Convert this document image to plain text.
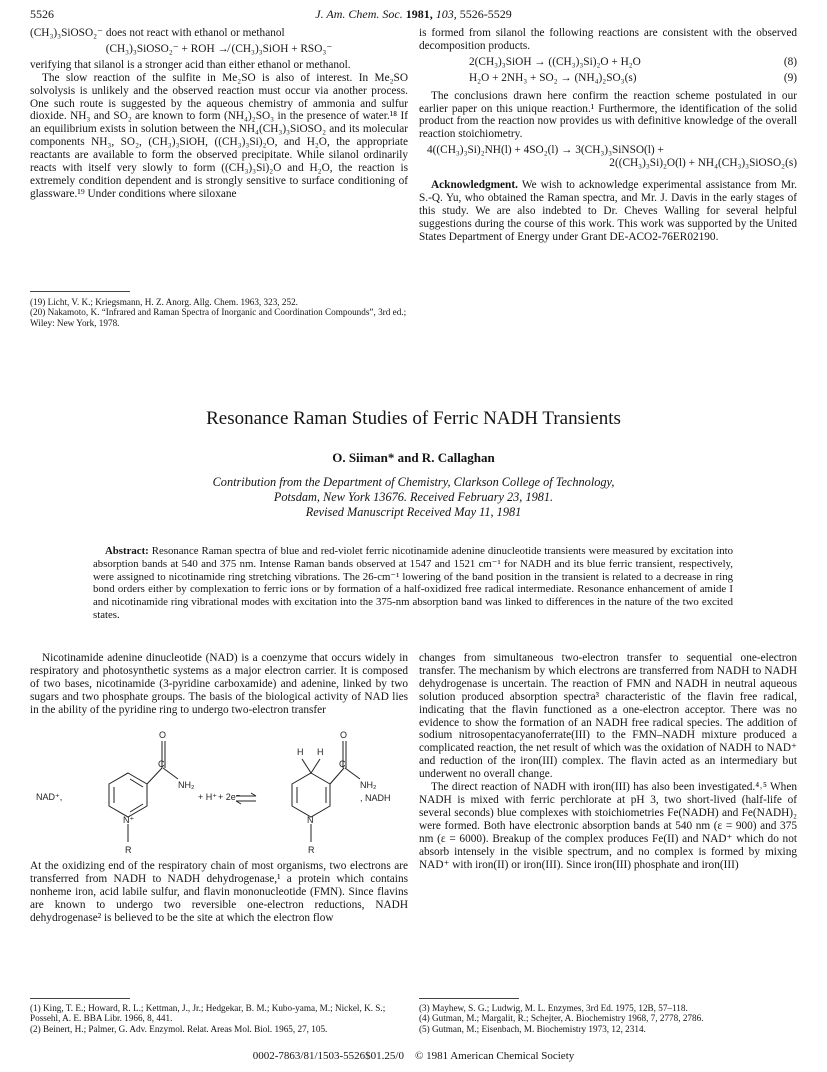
5526	J. Am. Chem. Soc. 1981, 103, 5526-5529

(CH₃)₃SiOSO₂⁻ does not react with ethanol or methanol

(CH₃)₃SiOSO₂⁻ + ROH ↛ (CH₃)₃SiOH + RSO₃⁻

verifying that silanol is a stronger acid than either ethanol or methanol.

The slow reaction of the sulfite in Me₂SO is also of interest. In Me₂SO solvolysis is unlikely and the observed reaction must occur via another process. One such route is suggested by the aqueous chemistry of ammonia and sulfur dioxide. NH₃ and SO₂ are known to form (NH₄)₂SO₃ in the presence of water.¹⁸ If an equilibrium exists in solution between the NH₄(CH₃)₃SiOSO₂ and its molecular components NH₃, SO₂, (CH₃)₃SiOH, ((CH₃)₃Si)₂O, and H₂O, the appropriate reactants are available to form the observed precipitate. While silanol ordinarily reacts with itself very slowly to form ((CH₃)₃Si)₂O and H₂O, the reaction is extremely condition dependent and is strongly sensitive to surface conditioning of glassware.¹⁹ Under conditions where siloxane

(19) Licht, V. K.; Kriegsmann, H. Z. Anorg. Allg. Chem. 1963, 323, 252.

(20) Nakamoto, K. “Infrared and Raman Spectra of Inorganic and Coordination Compounds”, 3rd ed.; Wiley: New York, 1978.

is formed from silanol the following reactions are consistent with the observed decomposition products.

2(CH₃)₃SiOH → ((CH₃)₃Si)₂O + H₂O	(8)
H₂O + 2NH₃ + SO₂ → (NH₄)₂SO₃(s)	(9)

The conclusions drawn here confirm the reaction scheme postulated in our earlier paper on this unique reaction.¹ Furthermore, the identification of the solid product from the reaction now provides us with definitive knowledge of the overall reaction stoichiometry.

4((CH₃)₃Si)₂NH(l) + 4SO₂(l) → 3(CH₃)₃SiNSO(l) +
2((CH₃)₃Si)₂O(l) + NH₄(CH₃)₃SiOSO₂(s)

Acknowledgment. We wish to acknowledge experimental assistance from Mr. S.-Q. Yu, who obtained the Raman spectra, and Mr. J. Davis in the early stages of this study. We are also indebted to Dr. Cheves Walling for several helpful suggestions during the course of this work. This work was supported by the United States Department of Energy under Grant DE-ACO2-76ER02190.

Resonance Raman Studies of Ferric NADH Transients
O. Siiman* and R. Callaghan
Contribution from the Department of Chemistry, Clarkson College of Technology,
Potsdam, New York 13676. Received February 23, 1981.
Revised Manuscript Received May 11, 1981

Abstract: Resonance Raman spectra of blue and red-violet ferric nicotinamide adenine dinucleotide transients were measured by excitation into absorption bands at 540 and 375 nm. Intense Raman bands observed at 1547 and 1521 cm⁻¹ for NADH and its blue ferric transient, respectively, were assigned to nicotinamide ring stretching vibrations. The 26-cm⁻¹ lowering of the band position in the transient is related to a decrease in ring bond orders either by complexation to ferric ions or by formation of a half-oxidized free radical intermediate. Resonance enhancement of amide I and nicotinamide ring vibrational modes with excitation into the 375-nm absorption band was linked to differences in the nature of the two excited states.

Nicotinamide adenine dinucleotide (NAD) is a coenzyme that occurs widely in respiratory and photosynthetic systems as a major electron carrier. It is composed of two bases, nicotinamide (3-pyridine carboxamide) and adenine, linked by two sugars and two phosphate groups. The basis of the biological activity of NAD lies in the ability of the pyridine ring to undergo two-electron transfer

NAD⁺,
O
C
NH₂
N⁺
R
+ H⁺ + 2e⁻
H H
O
C
NH₂
N
R
, NADH

At the oxidizing end of the respiratory chain of most organisms, two electrons are transferred from NADH to NADH dehydrogenase,¹ a protein which contains nonheme iron, acid labile sulfur, and flavin mononucleotide (FMN). Since flavins are known to undergo two reversible one-electron reductions, NADH dehydrogenase² is believed to be the site at which the electron flow

(1) King, T. E.; Howard, R. L.; Kettman, J., Jr.; Hedgekar, B. M.; Kubo-yama, M.; Nickel, K. S.; Possehl, A. E. BBA Libr. 1966, 8, 441.

(2) Beinert, H.; Palmer, G. Adv. Enzymol. Relat. Areas Mol. Biol. 1965, 27, 105.

changes from simultaneous two-electron transfer to sequential one-electron transfer. The mechanism by which electrons are transferred from NADH to NADH dehydrogenase is uncertain. The reaction of FMN and NADH in neutral aqueous solution produced absorption spectra³ characteristic of the flavin free radical, indicating that the flavin functioned as a one-electron acceptor. There was no evidence to show the formation of an NADH free radical species. The addition of sodium nitrosopentacyanoferrate(III) to the FMN–NADH mixture produced a complicated reaction, the net result of which was the oxidation of NADH to NAD⁺ and reduction of the iron(III) complex. The flavin acted as an intermediary but underwent no overall change.

The direct reaction of NADH with iron(III) has also been investigated.⁴˒⁵ When NADH is mixed with ferric perchlorate at pH 3, two short-lived (half-life of several seconds) blue complexes with stoichiometries Fe(NADH) and Fe(NADH)₂ were formed. Both have electronic absorption bands at 540 nm (ε = 900) and 375 nm (ε = 6000). Breakup of the complex produces Fe(II) and NAD⁺ which do not absorb intensely in the visible spectrum, and no complex is formed by mixing NAD⁺ with iron(II) or iron(III). Since iron(III) phosphate and iron(III)

(3) Mayhew, S. G.; Ludwig, M. L. Enzymes, 3rd Ed. 1975, 12B, 57–118.

(4) Gutman, M.; Margalit, R.; Schejter, A. Biochemistry 1968, 7, 2778, 2786.

(5) Gutman, M.; Eisenbach, M. Biochemistry 1973, 12, 2314.

0002-7863/81/1503-5526$01.25/0 © 1981 American Chemical Society
